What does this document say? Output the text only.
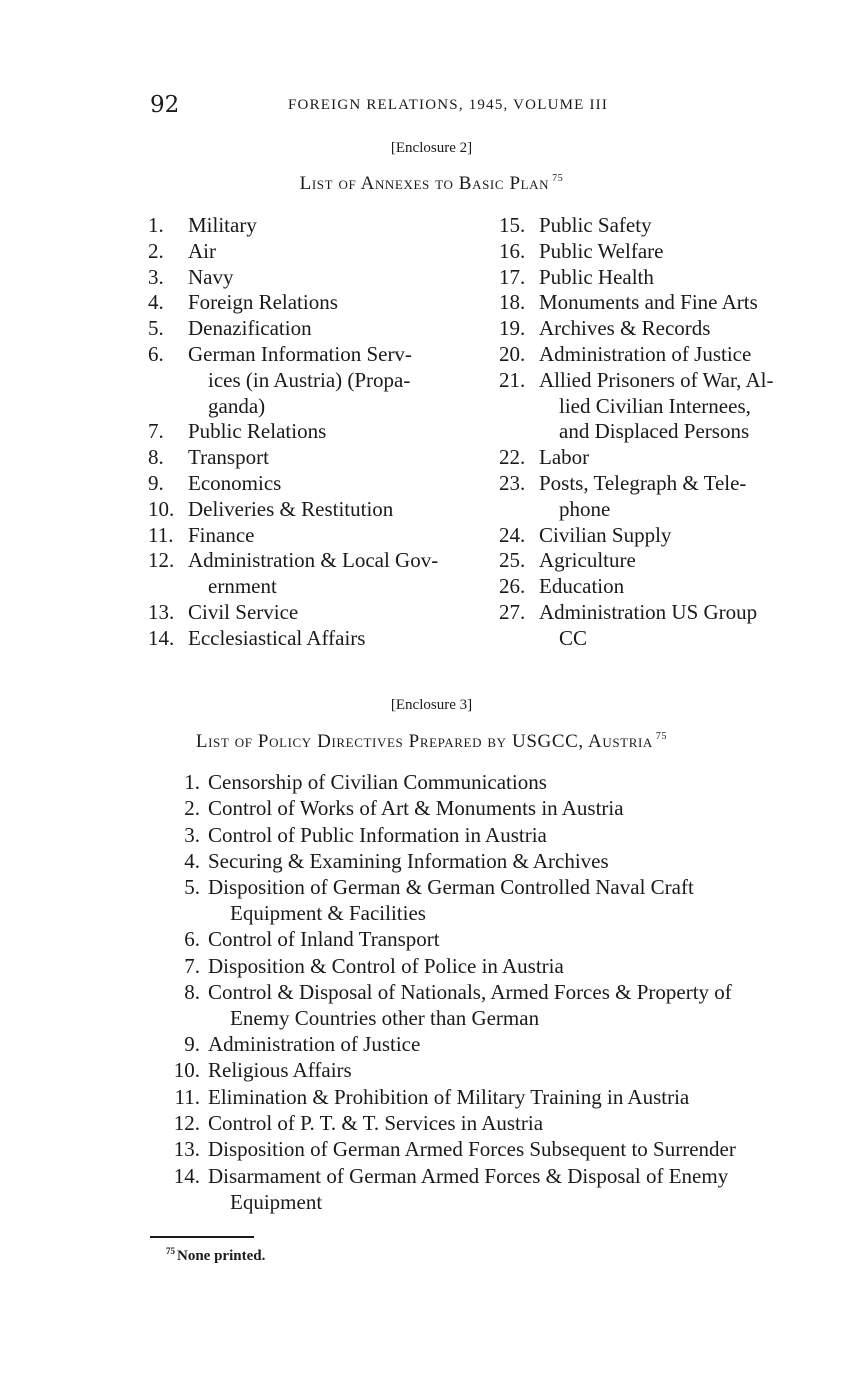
92	FOREIGN RELATIONS, 1945, VOLUME III
[Enclosure 2]
List of Annexes to Basic Plan $^{75}$
1.	Military
2.	Air
3.	Navy
4.	Foreign Relations
5.	Denazification
6.	German Information Serv-
ices (in Austria) (Propa-
ganda)
7.	Public Relations
8.	Transport
9.	Economics
10. Deliveries & Restitution
11. Finance
12. Administration & Local Gov-
ernment
13. Civil Service
14. Ecclesiastical Affairs
15. Public Safety
16. Public Welfare
17. Public Health
18. Monuments and Fine Arts
19. Archives & Records
20. Administration of Justice
21. Allied Prisoners of War, Al-
lied Civilian Internees,
and Displaced Persons
22. Labor
23. Posts, Telegraph & Tele-
phone
24. Civilian Supply
25. Agriculture
26. Education
27. Administration US Group
CC
[Enclosure 3]
List of Policy Directives Prepared by USGCC, Austria $^{75}$
1. Censorship of Civilian Communications
2. Control of Works of Art & Monuments in Austria
3. Control of Public Information in Austria
4. Securing & Examining Information & Archives
5. Disposition of German & German Controlled Naval Craft
Equipment & Facilities
6. Control of Inland Transport
7. Disposition & Control of Police in Austria
8. Control & Disposal of Nationals, Armed Forces & Property of
Enemy Countries other than German
9. Administration of Justice
10. Religious Affairs
11. Elimination & Prohibition of Military Training in Austria
12. Control of P. T. & T. Services in Austria
13. Disposition of German Armed Forces Subsequent to Surrender
14. Disarmament of German Armed Forces & Disposal of Enemy
Equipment
$^{75}$ None printed.
